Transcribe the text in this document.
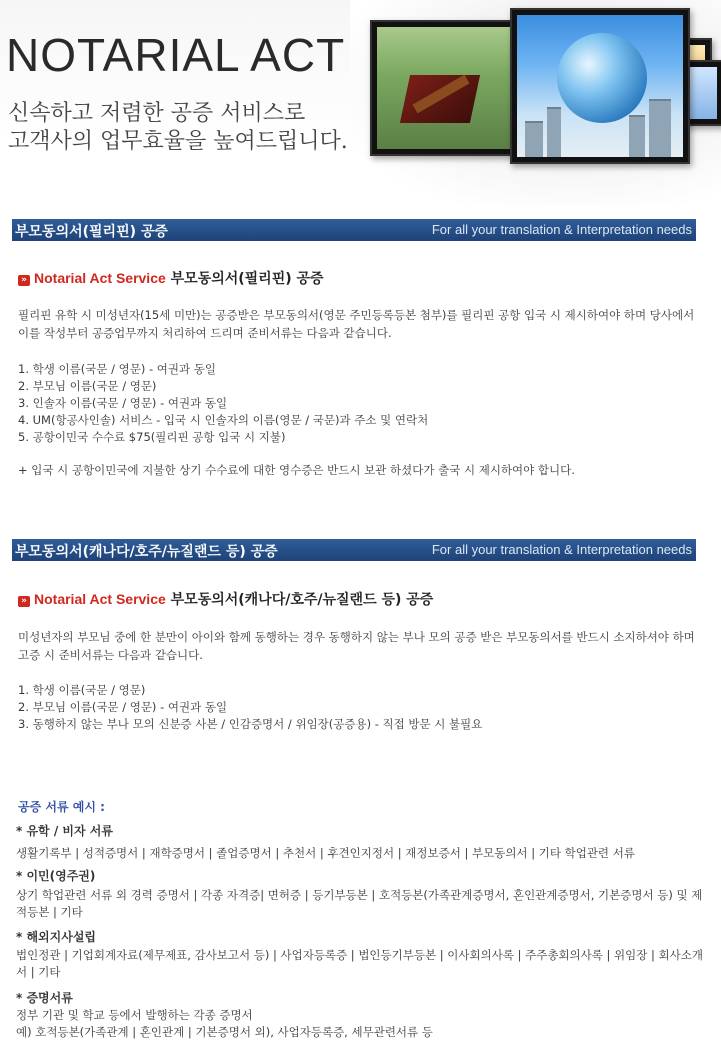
NOTARIAL ACT
신속하고 저렴한 공증 서비스로
고객사의 업무효율을 높여드립니다.
부모동의서(필리핀) 공증	For all your translation & Interpretation needs
» Notarial Act Service 부모동의서(필리핀) 공증
필리핀 유학 시 미성년자(15세 미만)는 공증받은 부모동의서(영문 주민등록등본 첨부)를 필리핀 공항 입국 시 제시하여야 하며 당사에서 이를 작성부터 공증업무까지 처리하여 드리며 준비서류는 다음과 같습니다.
1. 학생 이름(국문 / 영문) - 여권과 동일
2. 부모님 이름(국문 / 영문)
3. 인솔자 이름(국문 / 영문) - 여권과 동일
4. UM(항공사인솔) 서비스 - 입국 시 인솔자의 이름(영문 / 국문)과 주소 및 연락처
5. 공항이민국 수수료 $75(필리핀 공항 입국 시 지불)
+ 입국 시 공항이민국에 지불한 상기 수수료에 대한 영수증은 반드시 보관 하셨다가 출국 시 제시하여야 합니다.
부모동의서(캐나다/호주/뉴질랜드 등) 공증	For all your translation & Interpretation needs
» Notarial Act Service 부모동의서(캐나다/호주/뉴질랜드 등) 공증
미성년자의 부모님 중에 한 분만이 아이와 함께 동행하는 경우 동행하지 않는 부나 모의 공증 받은 부모동의서를 반드시 소지하셔야 하며 고증 시 준비서류는 다음과 같습니다.
1. 학생 이름(국문 / 영문)
2. 부모님 이름(국문 / 영문) - 여권과 동일
3. 동행하지 않는 부나 모의 신분증 사본 / 인감증명서 / 위임장(공증용) - 직접 방문 시 불필요
공증 서류 예시 :
* 유학 / 비자 서류
생활기록부 | 성적증명서 | 재학증명서 | 졸업증명서 | 추천서 | 후견인지정서 | 재정보증서 | 부모동의서 | 기타 학업관련 서류
* 이민(영주권)
상기 학업관련 서류 외 경력 증명서 | 각종 자격증| 면허증 | 등기부등본 | 호적등본(가족관계증명서, 혼인관계증명서, 기본증명서 등) 및 제적등본 | 기타
* 해외지사설립
법인정관 | 기업회계자료(제무제표, 감사보고서 등) | 사업자등록증 | 법인등기부등본 | 이사회의사록 | 주주총회의사록 | 위임장 | 회사소개서 | 기타
* 증명서류
정부 기관 및 학교 등에서 발행하는 각종 증명서
예) 호적등본(가족관계 | 혼인관계 | 기본증명서 외), 사업자등록증, 세무관련서류 등
